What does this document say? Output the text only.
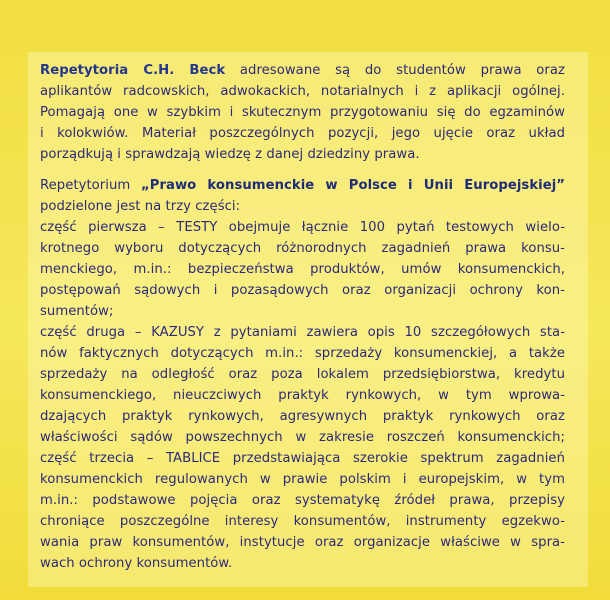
Repetytoria C.H. Beck adresowane są do studentów prawa oraz
aplikantów radcowskich, adwokackich, notarialnych i z aplikacji ogólnej.
Pomagają one w szybkim i skutecznym przygotowaniu się do egzaminów
i kolokwiów. Materiał poszczególnych pozycji, jego ujęcie oraz układ
porządkują i sprawdzają wiedzę z danej dziedziny prawa.
Repetytorium „Prawo konsumenckie w Polsce i Unii Europejskiej”
podzielone jest na trzy części:
część pierwsza – TESTY obejmuje łącznie 100 pytań testowych wielo-
krotnego wyboru dotyczących różnorodnych zagadnień prawa konsu-
menckiego, m.in.: bezpieczeństwa produktów, umów konsumenckich,
postępowań sądowych i pozasądowych oraz organizacji ochrony kon-
sumentów;
część druga – KAZUSY z pytaniami zawiera opis 10 szczegółowych sta-
nów faktycznych dotyczących m.in.: sprzedaży konsumenckiej, a także
sprzedaży na odległość oraz poza lokalem przedsiębiorstwa, kredytu
konsumenckiego, nieuczciwych praktyk rynkowych, w tym wprowa-
dzających praktyk rynkowych, agresywnych praktyk rynkowych oraz
właściwości sądów powszechnych w zakresie roszczeń konsumenckich;
część trzecia – TABLICE przedstawiająca szerokie spektrum zagadnień
konsumenckich regulowanych w prawie polskim i europejskim, w tym
m.in.: podstawowe pojęcia oraz systematykę źródeł prawa, przepisy
chroniące poszczególne interesy konsumentów, instrumenty egzekwo-
wania praw konsumentów, instytucje oraz organizacje właściwe w spra-
wach ochrony konsumentów.
